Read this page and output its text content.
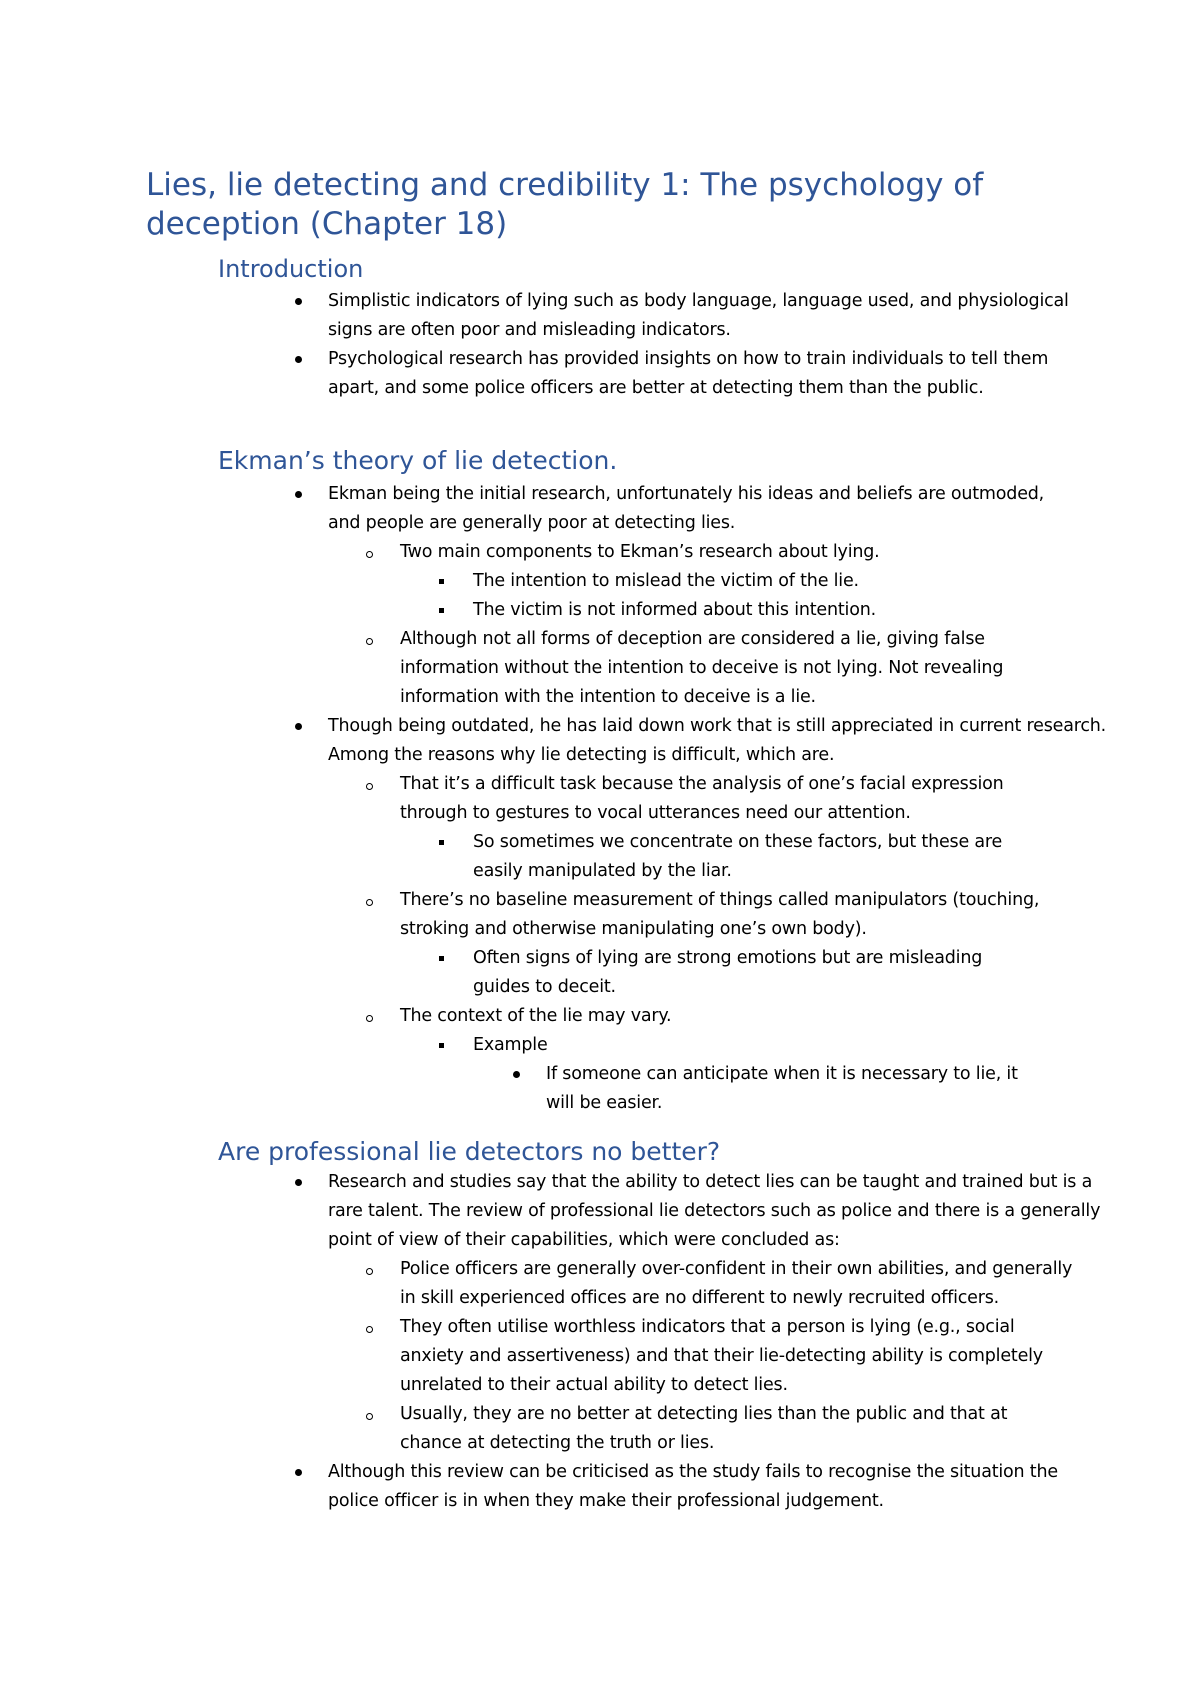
Lies, lie detecting and credibility 1: The psychology of deception (Chapter 18)
Introduction
Simplistic indicators of lying such as body language, language used, and physiological signs are often poor and misleading indicators.
Psychological research has provided insights on how to train individuals to tell them apart, and some police officers are better at detecting them than the public.
Ekman’s theory of lie detection.
Ekman being the initial research, unfortunately his ideas and beliefs are outmoded, and people are generally poor at detecting lies.
Two main components to Ekman’s research about lying.
The intention to mislead the victim of the lie.
The victim is not informed about this intention.
Although not all forms of deception are considered a lie, giving false information without the intention to deceive is not lying. Not revealing information with the intention to deceive is a lie.
Though being outdated, he has laid down work that is still appreciated in current research. Among the reasons why lie detecting is difficult, which are.
That it’s a difficult task because the analysis of one’s facial expression through to gestures to vocal utterances need our attention.
So sometimes we concentrate on these factors, but these are easily manipulated by the liar.
There’s no baseline measurement of things called manipulators (touching, stroking and otherwise manipulating one’s own body).
Often signs of lying are strong emotions but are misleading guides to deceit.
The context of the lie may vary.
Example
If someone can anticipate when it is necessary to lie, it will be easier.
Are professional lie detectors no better?
Research and studies say that the ability to detect lies can be taught and trained but is a rare talent. The review of professional lie detectors such as police and there is a generally point of view of their capabilities, which were concluded as:
Police officers are generally over-confident in their own abilities, and generally in skill experienced offices are no different to newly recruited officers.
They often utilise worthless indicators that a person is lying (e.g., social anxiety and assertiveness) and that their lie-detecting ability is completely unrelated to their actual ability to detect lies.
Usually, they are no better at detecting lies than the public and that at chance at detecting the truth or lies.
Although this review can be criticised as the study fails to recognise the situation the police officer is in when they make their professional judgement.
